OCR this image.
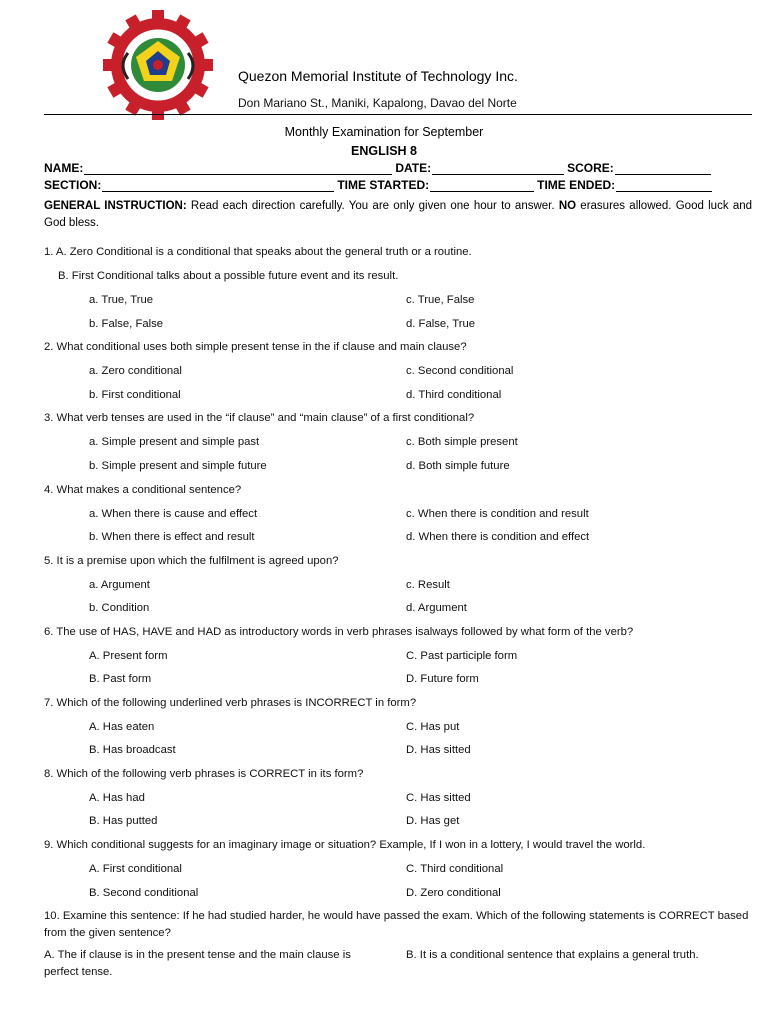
Quezon Memorial Institute of Technology Inc.
Don Mariano St., Maniki, Kapalong, Davao del Norte
Monthly Examination for September
ENGLISH 8
NAME:	DATE:	SCORE:
SECTION:	TIME STARTED:	TIME ENDED:
GENERAL INSTRUCTION: Read each direction carefully. You are only given one hour to answer. NO erasures allowed. Good luck and God bless.
1. A. Zero Conditional is a conditional that speaks about the general truth or a routine.
B. First Conditional talks about a possible future event and its result.
a. True, True	c. True, False
b. False, False	d. False, True
2. What conditional uses both simple present tense in the if clause and main clause?
a. Zero conditional	c. Second conditional
b. First conditional	d. Third conditional
3. What verb tenses are used in the “if clause” and “main clause” of a first conditional?
a. Simple present and simple past	c. Both simple present
b. Simple present and simple future	d. Both simple future
4. What makes a conditional sentence?
a. When there is cause and effect	c. When there is condition and result
b. When there is effect and result	d. When there is condition and effect
5. It is a premise upon which the fulfilment is agreed upon?
a. Argument	c. Result
b. Condition	d. Argument
6. The use of HAS, HAVE and HAD as introductory words in verb phrases isalways followed by what form of the verb?
A. Present form	C. Past participle form
B. Past form	D. Future form
7. Which of the following underlined verb phrases is INCORRECT in form?
A. Has eaten	C. Has put
B. Has broadcast	D. Has sitted
8. Which of the following verb phrases is CORRECT in its form?
A. Has had	C. Has sitted
B. Has putted	D. Has get
9. Which conditional suggests for an imaginary image or situation? Example, If I won in a lottery, I would travel the world.
A. First conditional	C. Third conditional
B. Second conditional	D. Zero conditional
10. Examine this sentence: If he had studied harder, he would have passed the exam. Which of the following statements is CORRECT based from the given sentence?
A. The if clause is in the present tense and the main clause is perfect tense.
B. It is a conditional sentence that explains a general truth.
